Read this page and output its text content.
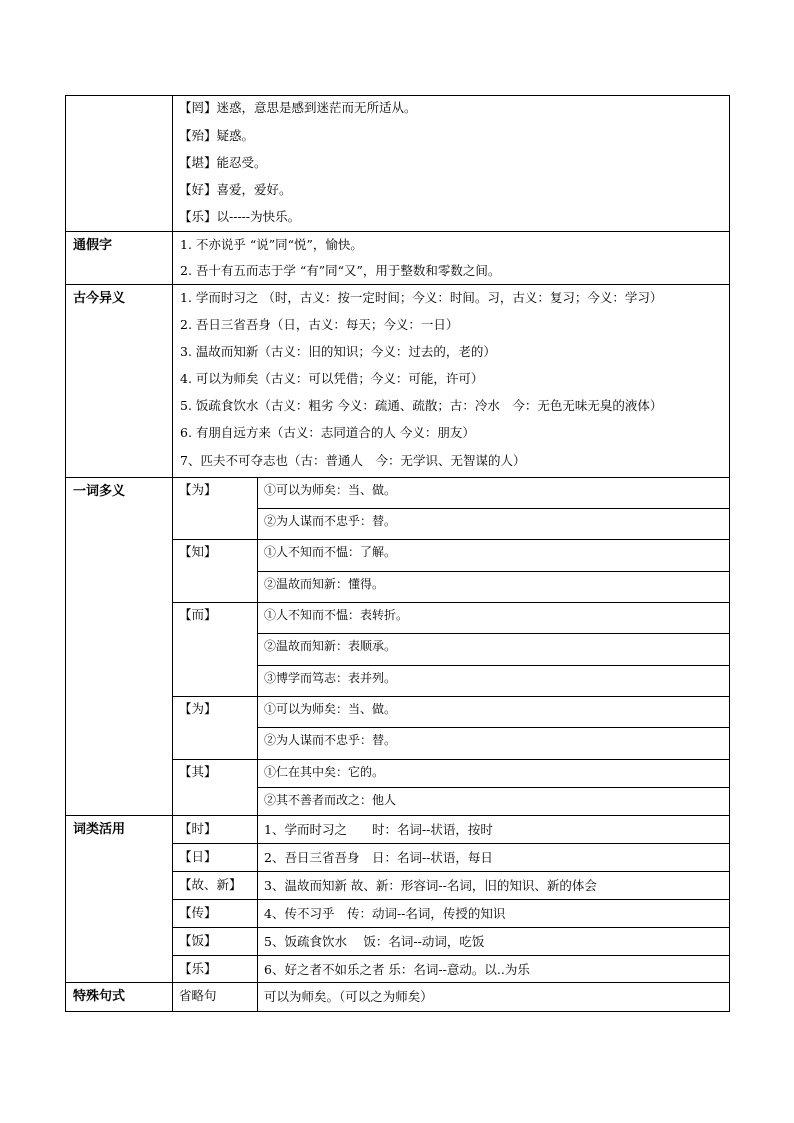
【罔】迷惑，意思是感到迷茫而无所适从。
【殆】疑惑。
【堪】能忍受。
【好】喜爱，爱好。
【乐】以-----为快乐。
通假字	1. 不亦说乎 “说”同“悦”，愉快。
2. 吾十有五而志于学 “有”同“又”，用于整数和零数之间。
古今异义	1. 学而时习之 （时，古义：按一定时间；今义：时间。习，古义：复习；今义：学习）
2. 吾日三省吾身（日，古义：每天；今义：一日）
3. 温故而知新（古义：旧的知识；今义：过去的，老的）
4. 可以为师矣（古义：可以凭借；今义：可能，许可）
5. 饭疏食饮水（古义：粗劣 今义：疏通、疏散；古：冷水　今：无色无味无臭的液体）
6. 有朋自远方来（古义：志同道合的人 今义：朋友）
7、匹夫不可夺志也（古：普通人　今：无学识、无智谋的人）
一词多义	【为】	①可以为师矣：当、做。
②为人谋而不忠乎：替。
【知】	①人不知而不愠：了解。
②温故而知新：懂得。
【而】	①人不知而不愠：表转折。
②温故而知新：表顺承。
③博学而笃志：表并列。
【为】	①可以为师矣：当、做。
②为人谋而不忠乎：替。
【其】	①仁在其中矣：它的。
②其不善者而改之：他人
词类活用	【时】	1、学而时习之　　时：名词--状语，按时
【日】	2、吾日三省吾身　日：名词--状语，每日
【故、新】	3、温故而知新 故、新：形容词--名词，旧的知识、新的体会
【传】	4、传不习乎　传：动词--名词，传授的知识
【饭】	5、饭疏食饮水　 饭：名词--动词，吃饭
【乐】	6、好之者不如乐之者 乐：名词--意动。以..为乐
特殊句式	省略句	可以为师矣。（可以之为师矣）
